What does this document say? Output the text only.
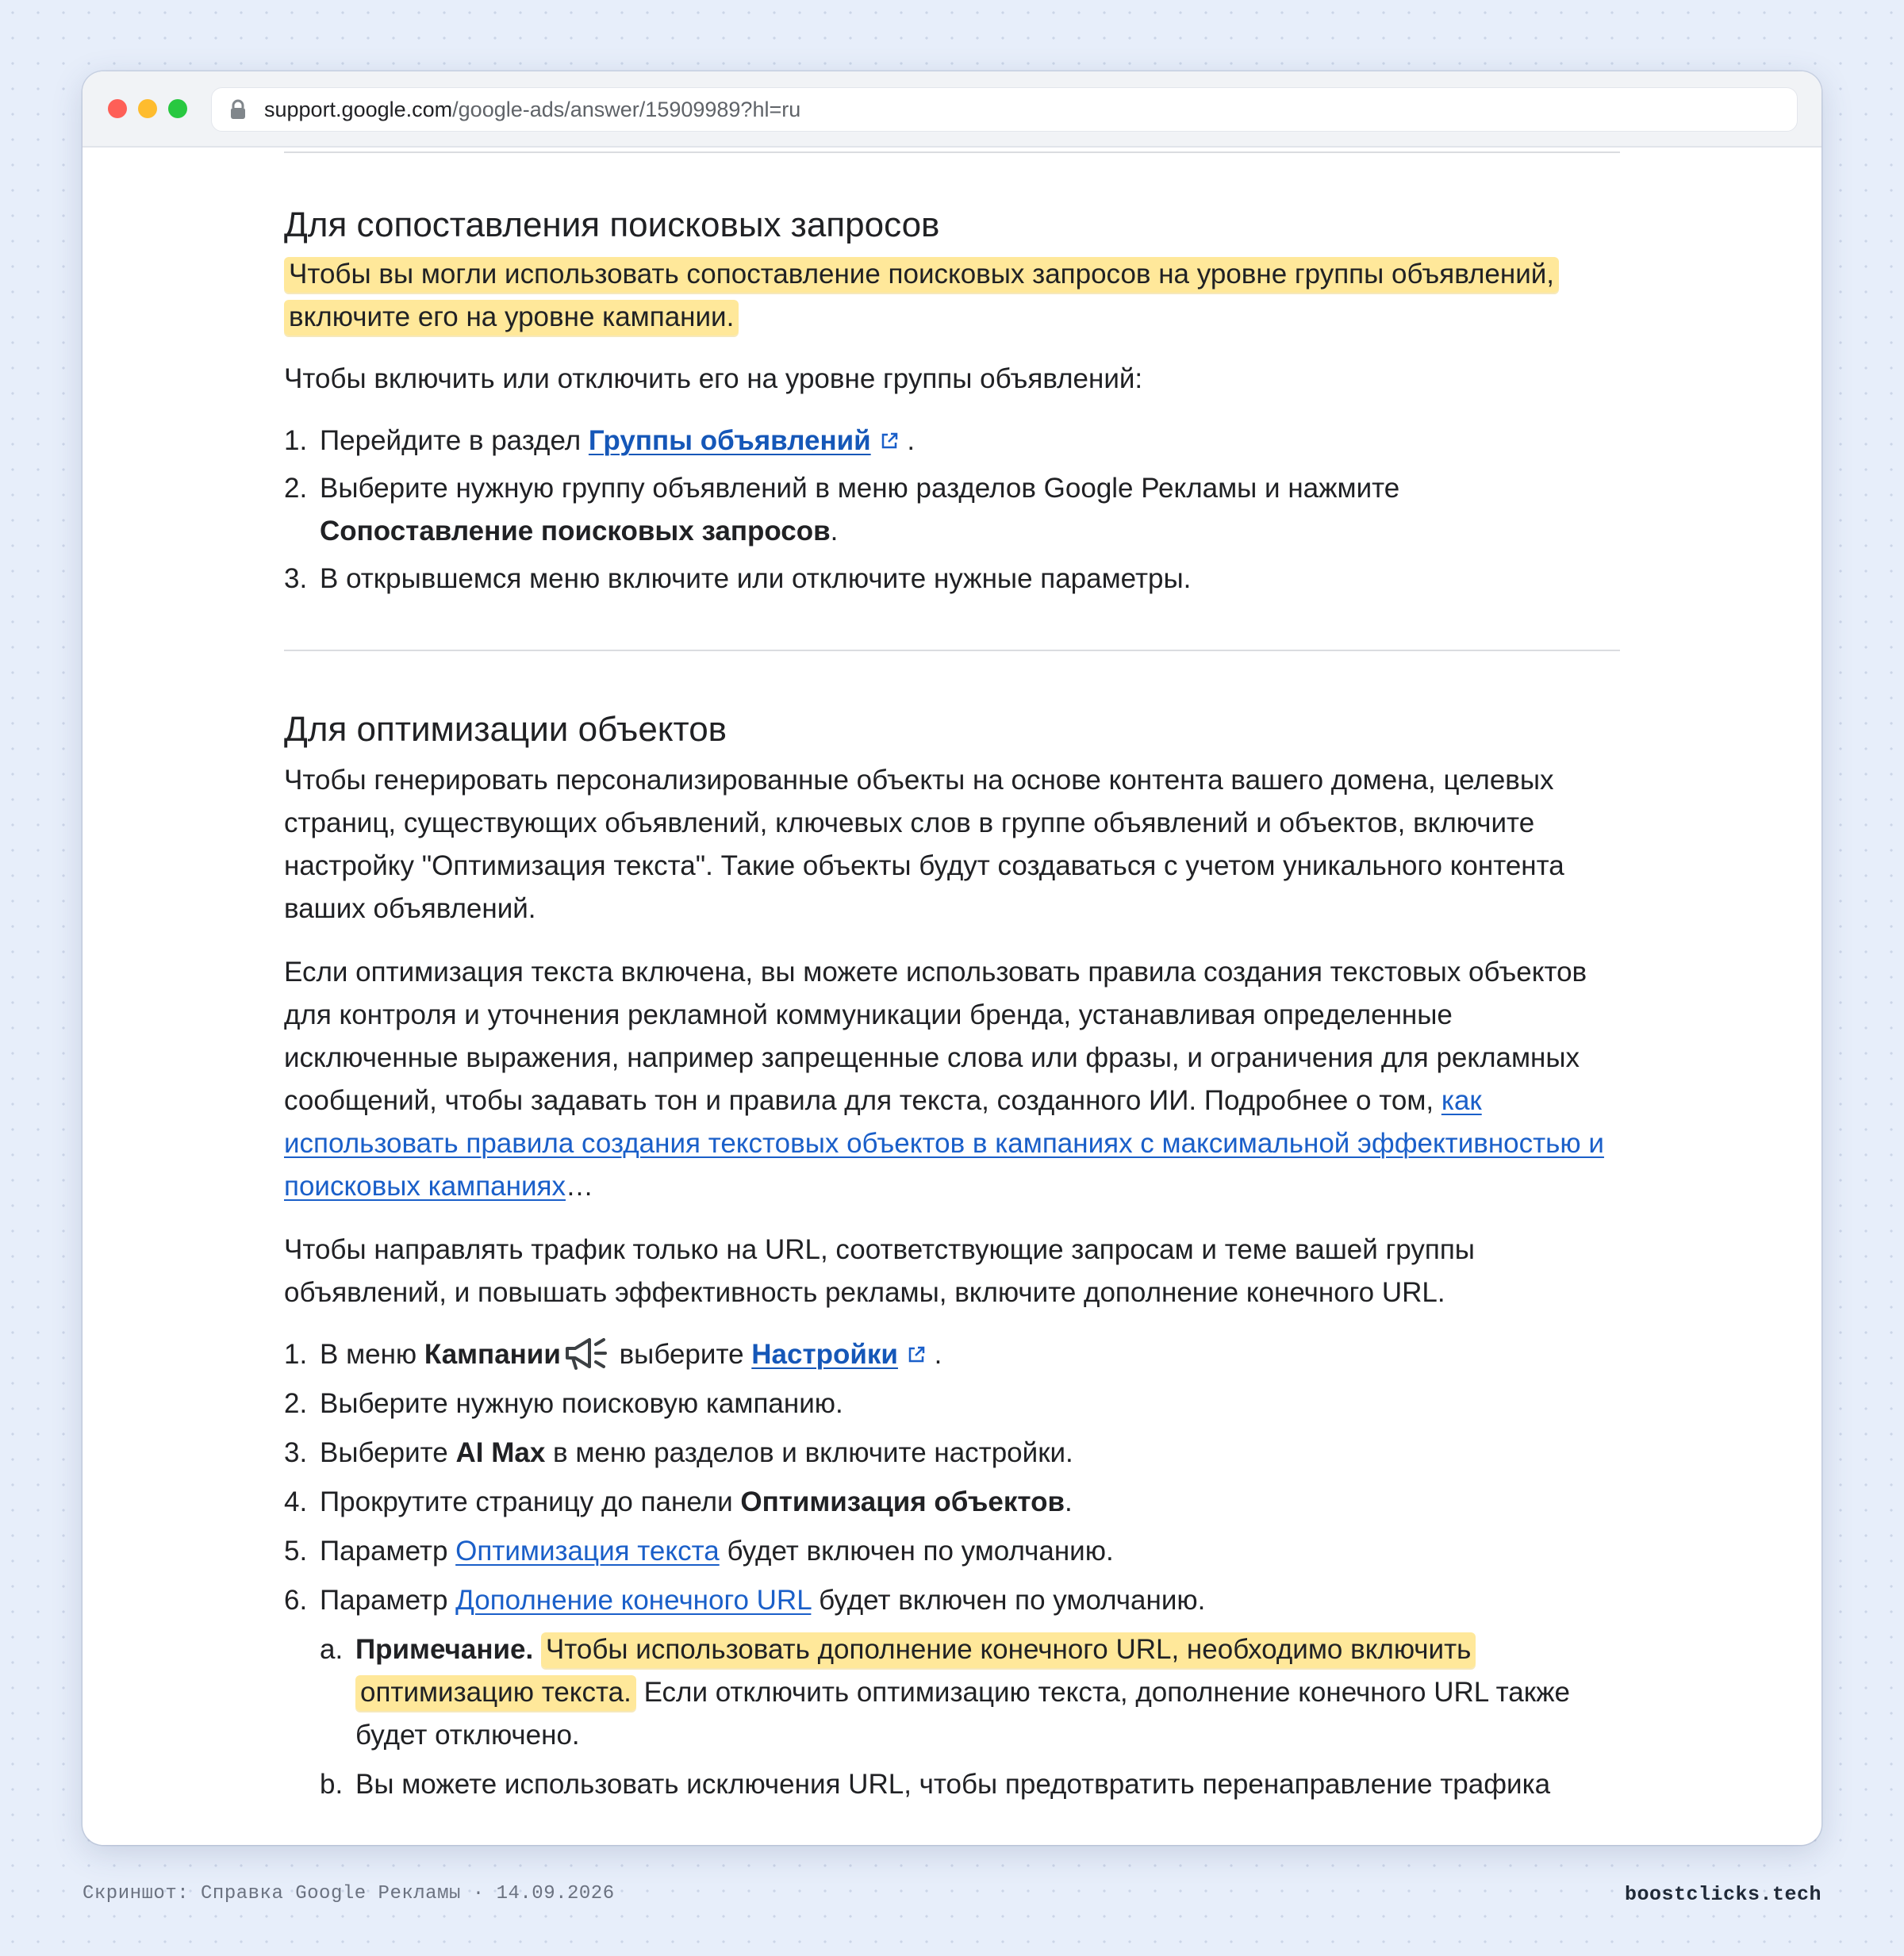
support.google.com/google-ads/answer/15909989?hl=ru
Для сопоставления поисковых запросов

Чтобы вы могли использовать сопоставление поисковых запросов на уровне группы объявлений, включите его на уровне кампании.

Чтобы включить или отключить его на уровне группы объявлений:

1. Перейдите в раздел Группы объявлений .
2. Выберите нужную группу объявлений в меню разделов Google Рекламы и нажмите Сопоставление поисковых запросов.
3. В открывшемся меню включите или отключите нужные параметры.
Для оптимизации объектов

Чтобы генерировать персонализированные объекты на основе контента вашего домена, целевых страниц, существующих объявлений, ключевых слов в группе объявлений и объектов, включите настройку "Оптимизация текста". Такие объекты будут создаваться с учетом уникального контента ваших объявлений.

Если оптимизация текста включена, вы можете использовать правила создания текстовых объектов для контроля и уточнения рекламной коммуникации бренда, устанавливая определенные исключенные выражения, например запрещенные слова или фразы, и ограничения для рекламных сообщений, чтобы задавать тон и правила для текста, созданного ИИ. Подробнее о том, как использовать правила создания текстовых объектов в кампаниях с максимальной эффективностью и поисковых кампаниях…

Чтобы направлять трафик только на URL, соответствующие запросам и теме вашей группы объявлений, и повышать эффективность рекламы, включите дополнение конечного URL.

1. В меню Кампании выберите Настройки .
2. Выберите нужную поисковую кампанию.
3. Выберите AI Max в меню разделов и включите настройки.
4. Прокрутите страницу до панели Оптимизация объектов.
5. Параметр Оптимизация текста будет включен по умолчанию.
6. Параметр Дополнение конечного URL будет включен по умолчанию.
a. Примечание. Чтобы использовать дополнение конечного URL, необходимо включить оптимизацию текста. Если отключить оптимизацию текста, дополнение конечного URL также будет отключено.
b. Вы можете использовать исключения URL, чтобы предотвратить перенаправление трафика
Скриншот: Справка Google Рекламы · 14.09.2026	boostclicks.tech
